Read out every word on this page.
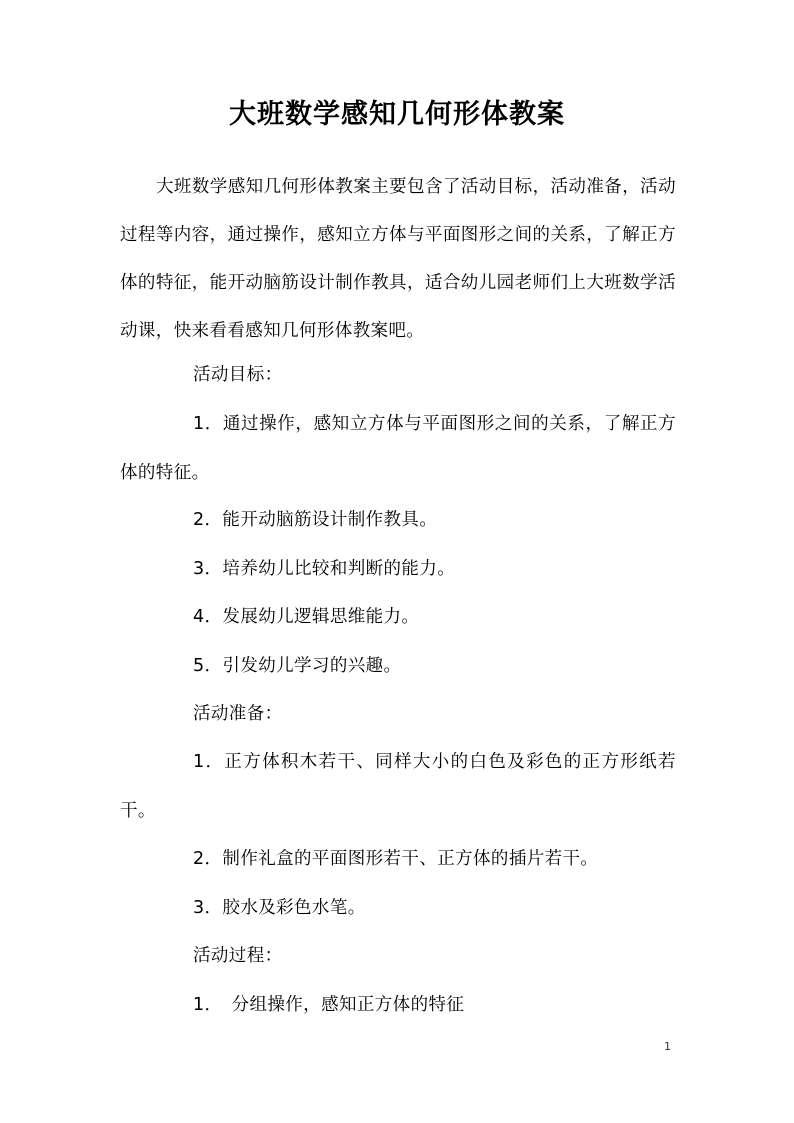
大班数学感知几何形体教案
大班数学感知几何形体教案主要包含了活动目标，活动准备，活动过程等内容，通过操作，感知立方体与平面图形之间的关系，了解正方体的特征，能开动脑筋设计制作教具，适合幼儿园老师们上大班数学活动课，快来看看感知几何形体教案吧。
活动目标：
1．通过操作，感知立方体与平面图形之间的关系，了解正方体的特征。
2．能开动脑筋设计制作教具。
3．培养幼儿比较和判断的能力。
4．发展幼儿逻辑思维能力。
5．引发幼儿学习的兴趣。
活动准备：
1．正方体积木若干、同样大小的白色及彩色的正方形纸若干。
2．制作礼盒的平面图形若干、正方体的插片若干。
3．胶水及彩色水笔。
活动过程：
1．　分组操作，感知正方体的特征
1
